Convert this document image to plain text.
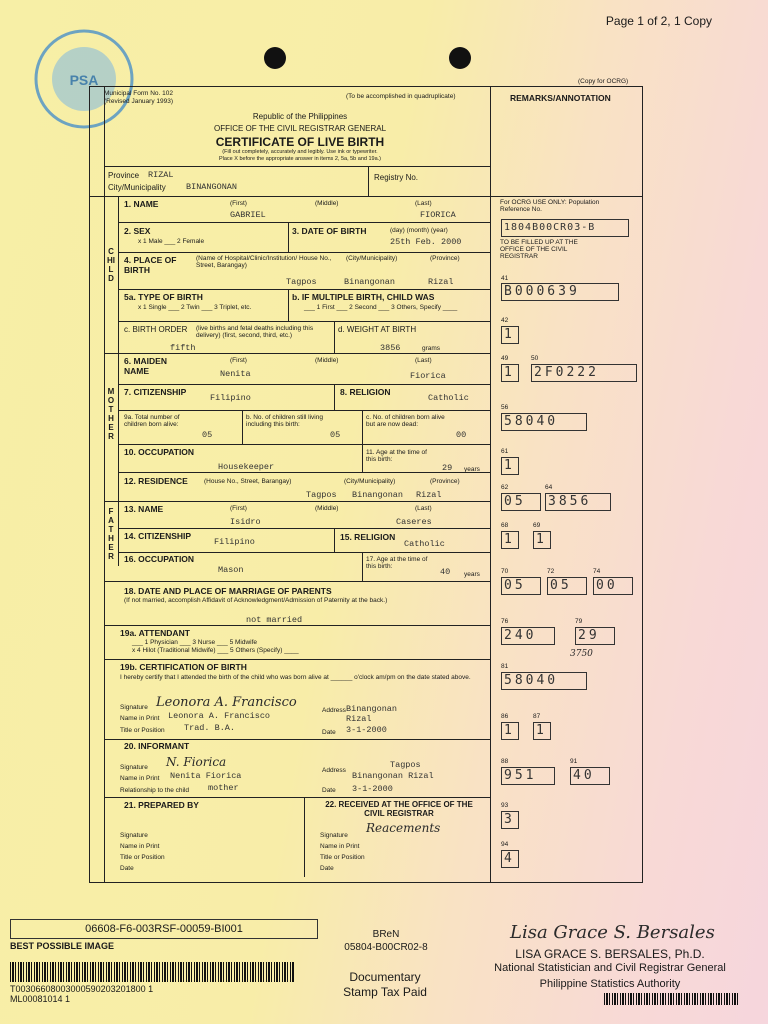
Page 1 of 2, 1 Copy
(Copy for OCRG)
PSA
Municipal Form No. 102
(Revised January 1993)
(To be accomplished in quadruplicate)	REMARKS/ANNOTATION
Republic of the Philippines
OFFICE OF THE CIVIL REGISTRAR GENERAL
CERTIFICATE OF LIVE BIRTH
(Fill out completely, accurately and legibly. Use ink or typewriter.
Place X before the appropriate answer in items 2, 5a, 5b and 19a.)
Province RIZAL
City/Municipality BINANGONAN
Registry No.
CHILD
MOTHER
FATHER
1. NAME	(First)	(Middle)	(Last)
GABRIEL	FIORICA
2. SEX
x 1 Male ___ 2 Female
3. DATE OF BIRTH	(day) (month) (year)
25th Feb. 2000
4. PLACE OF BIRTH
(Name of Hospital/Clinic/Institution/ House No., Street, Barangay)
(City/Municipality)	(Province)
Tagpos	Binangonan	Rizal
5a. TYPE OF BIRTH
x 1 Single ___ 2 Twin ___ 3 Triplet, etc.
b. IF MULTIPLE BIRTH, CHILD WAS
___ 1 First ___ 2 Second ___ 3 Others, Specify ____
c. BIRTH ORDER (live births and fetal deaths including this delivery) (first, second, third, etc.)
fifth
d. WEIGHT AT BIRTH
3856	grams
6. MAIDEN NAME
(First)	(Middle)	(Last)
Nenita	Fiorica
7. CITIZENSHIP
Filipino
8. RELIGION
Catholic
9a. Total number of children born alive:
05
b. No. of children still living including this birth:
05
c. No. of children born alive but are now dead:
00
10. OCCUPATION
Housekeeper
11. Age at the time of this birth:
29 years
12. RESIDENCE (House No., Street, Barangay)	(City/Municipality)	(Province)
Tagpos Binangonan Rizal
13. NAME	(First)	(Middle)	(Last)
Isidro	Caseres
14. CITIZENSHIP
Filipino	15. RELIGION
Catholic
16. OCCUPATION
Mason
17. Age at the time of this birth:
40 years
18. DATE AND PLACE OF MARRIAGE OF PARENTS
(If not married, accomplish Affidavit of Acknowledgment/Admission of Paternity at the back.)
not married
19a. ATTENDANT
___ 1 Physician ___ 3 Nurse ___ 5 Midwife
x 4 Hilot (Traditional Midwife) ___ 5 Others (Specify) ____
19b. CERTIFICATION OF BIRTH
I hereby certify that I attended the birth of the child who was born alive at ______ o'clock am/pm on the date stated above.
Signature Leonora A. Francisco
Name in Print Leonora A. Francisco
Title or Position Trad. B.A.
Address Binangonan Rizal
Date 3-1-2000
20. INFORMANT
Signature N. Fiorica
Name in Print Nenita Fiorica
Relationship to the child mother
Address
Tagpos
Binangonan Rizal
Date 3-1-2000
21. PREPARED BY
Signature
Name in Print
Title or Position
Date
22. RECEIVED AT THE OFFICE OF THE CIVIL REGISTRAR
Signature
Reacements
Name in Print
Title or Position
Date
For OCRG USE ONLY: Population Reference No.
1804B00CR03-B
TO BE FILLED UP AT THE OFFICE OF THE CIVIL REGISTRAR
41
B000639
42
1
49
1
50
2F0222
56
58040
61
1
62
05
64
3856
68
1
69
1
70
05
72
05
74
00
76
240
79
29
3750
81
58040
86
1
87
1
88
951
91
40
93
3
94
4
06608-F6-003RSF-00059-BI001
BEST POSSIBLE IMAGE
T00306608003000590203201800 1
ML00081014 1
BReN
05804-B00CR02-8
Documentary
Stamp Tax Paid
Lisa Grace S. Bersales
LISA GRACE S. BERSALES, Ph.D.
National Statistician and Civil Registrar General
Philippine Statistics Authority
